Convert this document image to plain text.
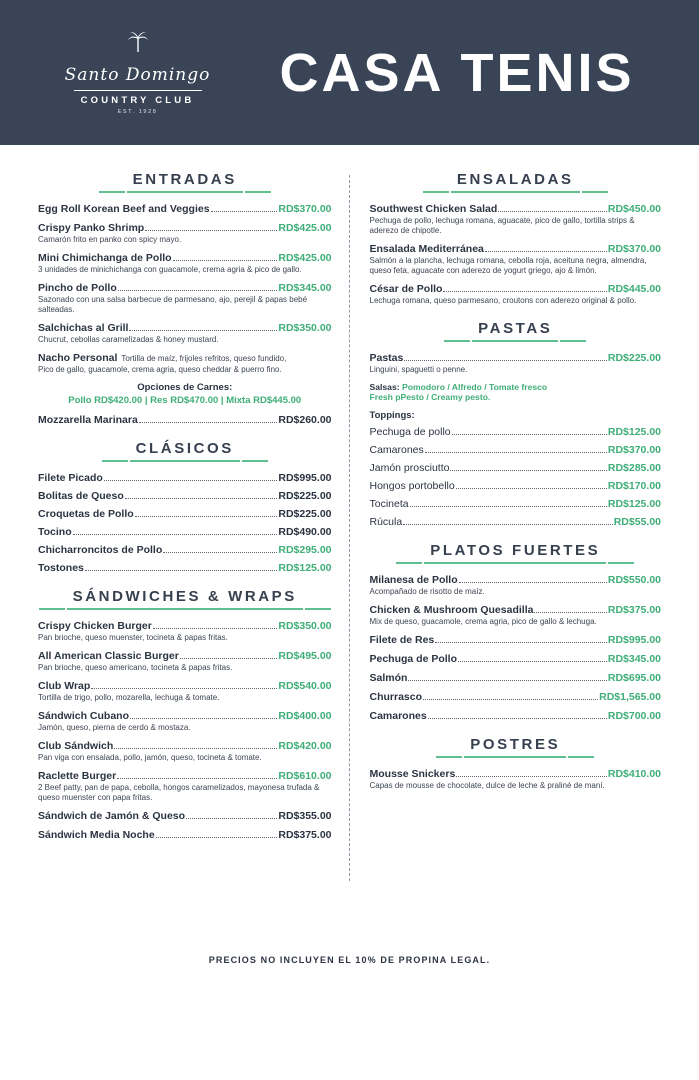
Santo Domingo
COUNTRY CLUB
EST. 1928
CASA TENIS
ENTRADAS
Egg Roll Korean Beef and Veggies	RD$370.00
Crispy Panko Shrimp	RD$425.00
Camarón frito en panko con spicy mayo.
Mini Chimichanga de Pollo	RD$425.00
3 unidades de minichichanga con guacamole, crema agria & pico de gallo.
Pincho de Pollo	RD$345.00
Sazonado con una salsa barbecue de parmesano, ajo, perejil & papas bebé salteadas.
Salchichas al Grill	RD$350.00
Chucrut, cebollas caramelizadas & honey mustard.
Nacho Personal Tortilla de maíz, frijoles refritos, queso fundido,
Pico de gallo, guacamole, crema agria, queso cheddar & puerro fino.
Opciones de Carnes:
Pollo RD$420.00 | Res RD$470.00 | Mixta RD$445.00
Mozzarella Marinara	RD$260.00
CLÁSICOS
Filete Picado	RD$995.00
Bolitas de Queso	RD$225.00
Croquetas de Pollo	RD$225.00
Tocino	RD$490.00
Chicharroncitos de Pollo	RD$295.00
Tostones	RD$125.00
SÁNDWICHES & WRAPS
Crispy Chicken Burger	RD$350.00
Pan brioche, queso muenster, tocineta & papas fritas.
All American Classic Burger	RD$495.00
Pan brioche, queso americano, tocineta & papas fritas.
Club Wrap	RD$540.00
Tortilla de trigo, pollo, mozarella, lechuga & tomate.
Sándwich Cubano	RD$400.00
Jamón, queso, pierna de cerdo & mostaza.
Club Sándwich	RD$420.00
Pan viga con ensalada, pollo, jamón, queso, tocineta & tomate.
Raclette Burger	RD$610.00
2 Beef patty, pan de papa, cebolla, hongos caramelizados, mayonesa trufada & queso muenster con papa fritas.
Sándwich de Jamón & Queso	RD$355.00
Sándwich Media Noche	RD$375.00
ENSALADAS
Southwest Chicken Salad	RD$450.00
Pechuga de pollo, lechuga romana, aguacate, pico de gallo, tortilla strips & aderezo de chipotle.
Ensalada Mediterránea	RD$370.00
Salmón a la plancha, lechuga romana, cebolla roja, aceituna negra, almendra, queso feta, aguacate con aderezo de yogurt griego, ajo & limón.
César de Pollo	RD$445.00
Lechuga romana, queso parmesano, croutons con aderezo original & pollo.
PASTAS
Pastas	RD$225.00
Linguini, spaguetti o penne.
Salsas: Pomodoro / Alfredo / Tomate fresco
Fresh pPesto / Creamy pesto.
Toppings:
Pechuga de pollo	RD$125.00
Camarones	RD$370.00
Jamón prosciutto	RD$285.00
Hongos portobello	RD$170.00
Tocineta	RD$125.00
Rúcula	RD$55.00
PLATOS FUERTES
Milanesa de Pollo	RD$550.00
Acompañado de risotto de maíz.
Chicken & Mushroom Quesadilla	RD$375.00
Mix de queso, guacamole, crema agria, pico de gallo & lechuga.
Filete de Res	RD$995.00
Pechuga de Pollo	RD$345.00
Salmón	RD$695.00
Churrasco	RD$1,565.00
Camarones	RD$700.00
POSTRES
Mousse Snickers	RD$410.00
Capas de mousse de chocolate, dulce de leche & praliné de maní.
PRECIOS NO INCLUYEN EL 10% DE PROPINA LEGAL.
